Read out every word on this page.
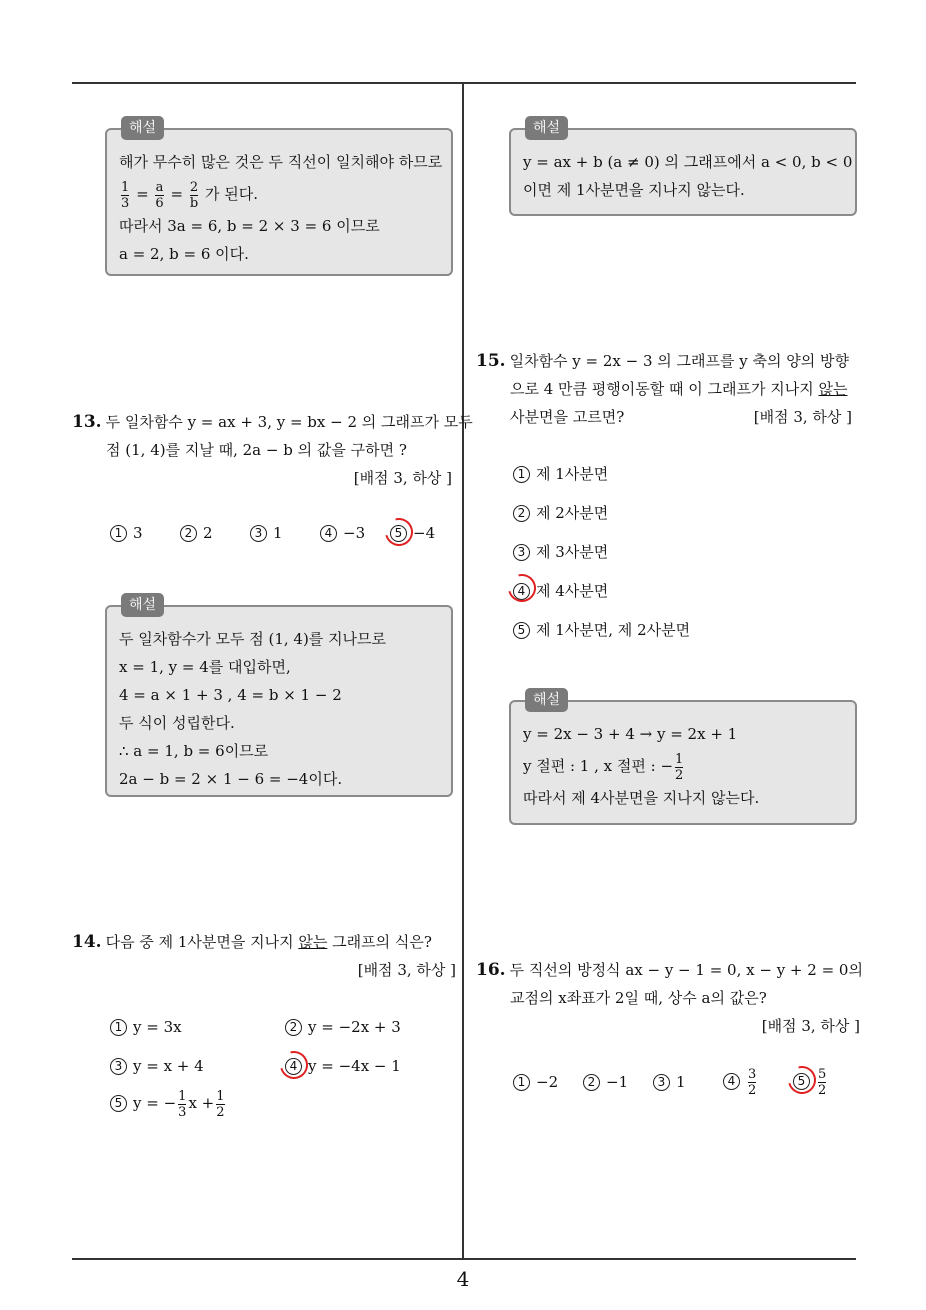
해설
해가 무수히 많은 것은 두 직선이 일치해야 하므로
$\frac{1}{3} = \frac{a}{6} = \frac{2}{b}$ 가 된다.
따라서 3a = 6, b = 2 × 3 = 6 이므로
a = 2, b = 6 이다.
13. 두 일차함수 y = ax + 3, y = bx − 2 의 그래프가 모두
점 (1, 4)를 지날 때, 2a − b 의 값을 구하면 ?
[배점 3, 하상 ]
1 3	2 2	3 1	4 −3	5 −4
해설
두 일차함수가 모두 점 (1, 4)를 지나므로
x = 1, y = 4를 대입하면,
4 = a × 1 + 3 , 4 = b × 1 − 2
두 식이 성립한다.
∴ a = 1, b = 6이므로
2a − b = 2 × 1 − 6 = −4이다.
14. 다음 중 제 1사분면을 지나지 않는 그래프의 식은?
[배점 3, 하상 ]
1 y = 3x	2 y = −2x + 3
3 y = x + 4	4 y = −4x − 1
5 y = − $\frac{1}{3}$ $x + \frac{1}{2}$
해설
y = ax + b (a ≠ 0) 의 그래프에서 a < 0, b < 0
이면 제 1사분면을 지나지 않는다.
15. 일차함수 y = 2x − 3 의 그래프를 y 축의 양의 방향
으로 4 만큼 평행이동할 때 이 그래프가 지나지 않는
사분면을 고르면?	[배점 3, 하상 ]
1 제 1사분면
2 제 2사분면
3 제 3사분면
4 제 4사분면
5 제 1사분면, 제 2사분면
해설
y = 2x − 3 + 4 → y = 2x + 1
y 절편 : 1 , x 절편 : − $\frac{1}{2}$
따라서 제 4사분면을 지나지 않는다.
16. 두 직선의 방정식 ax − y − 1 = 0, x − y + 2 = 0의
교점의 x좌표가 2일 때, 상수 a의 값은?
[배점 3, 하상 ]
1 −2	2 −1	3 1	$4 \frac{3}{2}$	$5 \frac{5}{2}$
4
